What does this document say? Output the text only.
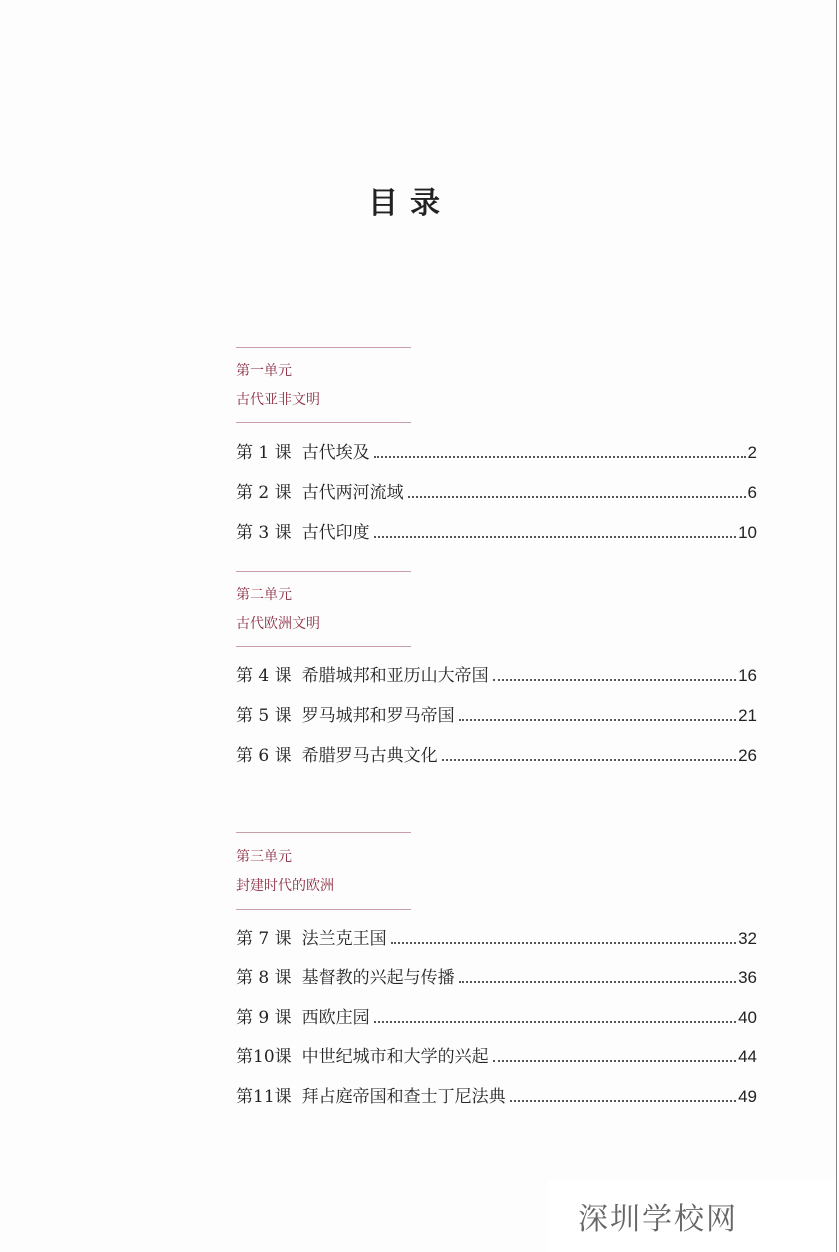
目录
第一单元
古代亚非文明
第 1 课 古代埃及	2
第 2 课 古代两河流域	6
第 3 课 古代印度	10
第二单元
古代欧洲文明
第 4 课 希腊城邦和亚历山大帝国	16
第 5 课 罗马城邦和罗马帝国	21
第 6 课 希腊罗马古典文化	26
第三单元
封建时代的欧洲
第 7 课 法兰克王国	32
第 8 课 基督教的兴起与传播	36
第 9 课 西欧庄园	40
第10课 中世纪城市和大学的兴起	44
第11课 拜占庭帝国和查士丁尼法典	49
深圳学校网
